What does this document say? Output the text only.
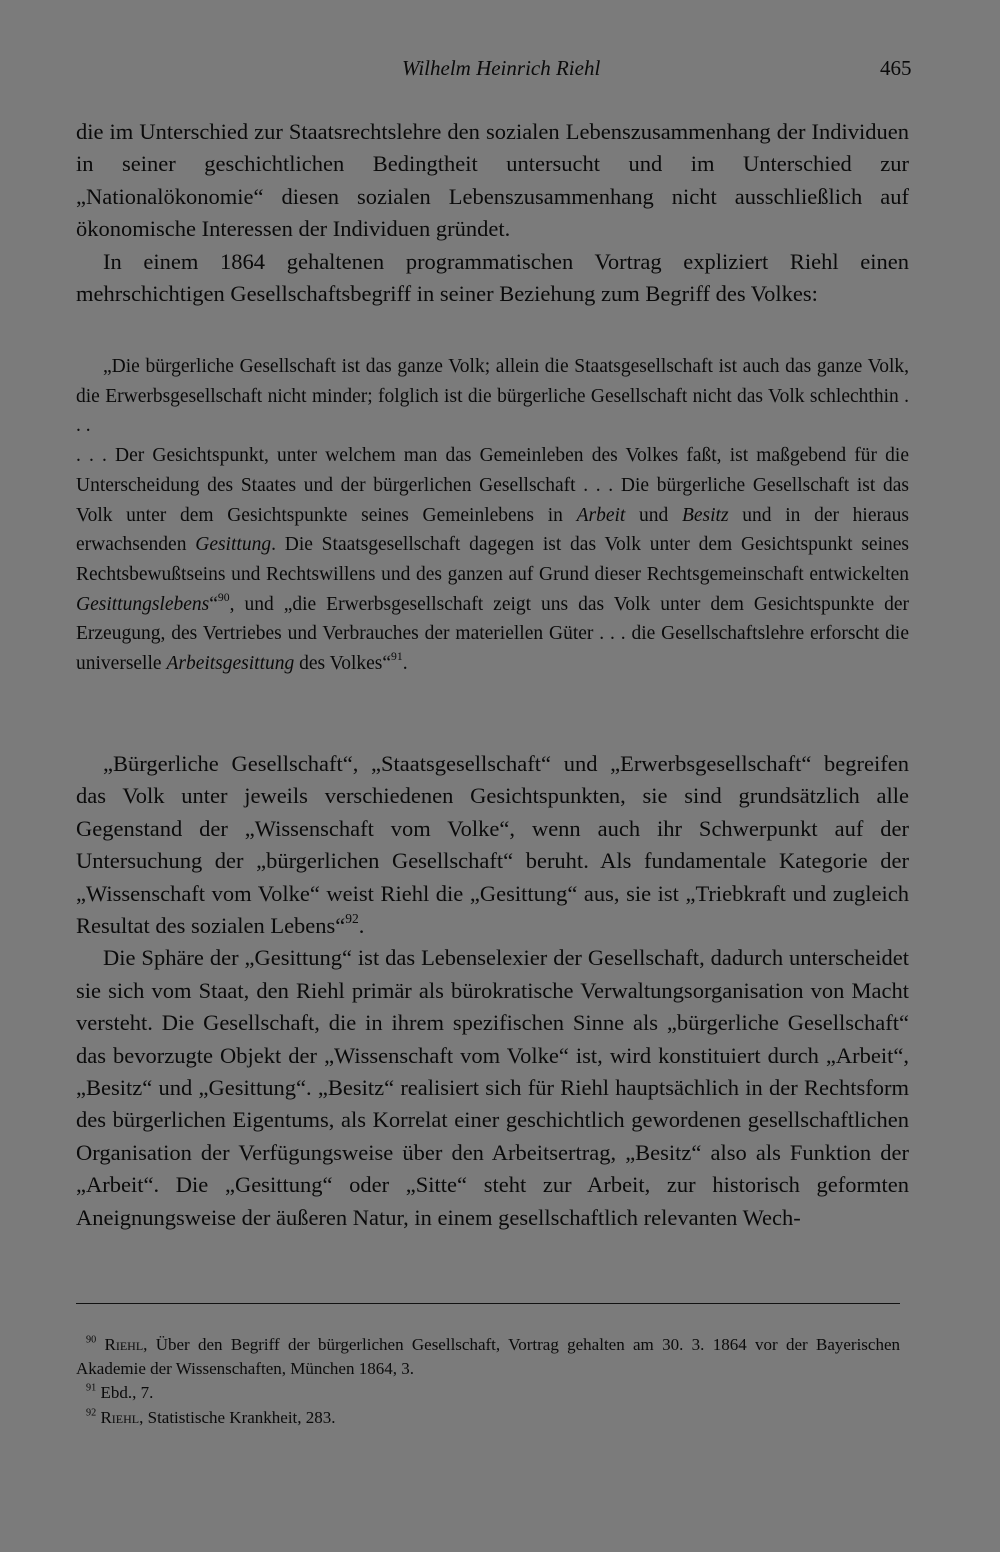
Wilhelm Heinrich Riehl	465

die im Unterschied zur Staatsrechtslehre den sozialen Lebenszusammenhang der Individuen in seiner geschichtlichen Bedingtheit untersucht und im Unterschied zur „Nationalökonomie“ diesen sozialen Lebenszusammenhang nicht ausschließlich auf ökonomische Interessen der Individuen gründet.

In einem 1864 gehaltenen programmatischen Vortrag expliziert Riehl einen mehrschichtigen Gesellschaftsbegriff in seiner Beziehung zum Begriff des Volkes:

„Die bürgerliche Gesellschaft ist das ganze Volk; allein die Staatsgesellschaft ist auch das ganze Volk, die Erwerbsgesellschaft nicht minder; folglich ist die bürgerliche Gesellschaft nicht das Volk schlechthin . . .

. . . Der Gesichtspunkt, unter welchem man das Gemeinleben des Volkes faßt, ist maßgebend für die Unterscheidung des Staates und der bürgerlichen Gesellschaft . . . Die bürgerliche Gesellschaft ist das Volk unter dem Gesichtspunkte seines Gemeinlebens in Arbeit und Besitz und in der hieraus erwachsenden Gesittung. Die Staatsgesellschaft dagegen ist das Volk unter dem Gesichtspunkt seines Rechtsbewußtseins und Rechtswillens und des ganzen auf Grund dieser Rechtsgemeinschaft entwickelten Gesittungslebens“$^{90}$, und „die Erwerbsgesellschaft zeigt uns das Volk unter dem Gesichtspunkte der Erzeugung, des Vertriebes und Verbrauches der materiellen Güter . . . die Gesellschaftslehre erforscht die universelle Arbeitsgesittung des Volkes“$^{91}$.

„Bürgerliche Gesellschaft“, „Staatsgesellschaft“ und „Erwerbsgesellschaft“ begreifen das Volk unter jeweils verschiedenen Gesichtspunkten, sie sind grundsätzlich alle Gegenstand der „Wissenschaft vom Volke“, wenn auch ihr Schwerpunkt auf der Untersuchung der „bürgerlichen Gesellschaft“ beruht. Als fundamentale Kategorie der „Wissenschaft vom Volke“ weist Riehl die „Gesittung“ aus, sie ist „Triebkraft und zugleich Resultat des sozialen Lebens“$^{92}$.

Die Sphäre der „Gesittung“ ist das Lebenselexier der Gesellschaft, dadurch unterscheidet sie sich vom Staat, den Riehl primär als bürokratische Verwaltungsorganisation von Macht versteht. Die Gesellschaft, die in ihrem spezifischen Sinne als „bürgerliche Gesellschaft“ das bevorzugte Objekt der „Wissenschaft vom Volke“ ist, wird konstituiert durch „Arbeit“, „Besitz“ und „Gesittung“. „Besitz“ realisiert sich für Riehl hauptsächlich in der Rechtsform des bürgerlichen Eigentums, als Korrelat einer geschichtlich gewordenen gesellschaftlichen Organisation der Verfügungsweise über den Arbeitsertrag, „Besitz“ also als Funktion der „Arbeit“. Die „Gesittung“ oder „Sitte“ steht zur Arbeit, zur historisch geformten Aneignungsweise der äußeren Natur, in einem gesellschaftlich relevanten Wech-

$^{90}$ Riehl, Über den Begriff der bürgerlichen Gesellschaft, Vortrag gehalten am 30. 3. 1864 vor der Bayerischen Akademie der Wissenschaften, München 1864, 3.

$^{91}$ Ebd., 7.

$^{92}$ Riehl, Statistische Krankheit, 283.
